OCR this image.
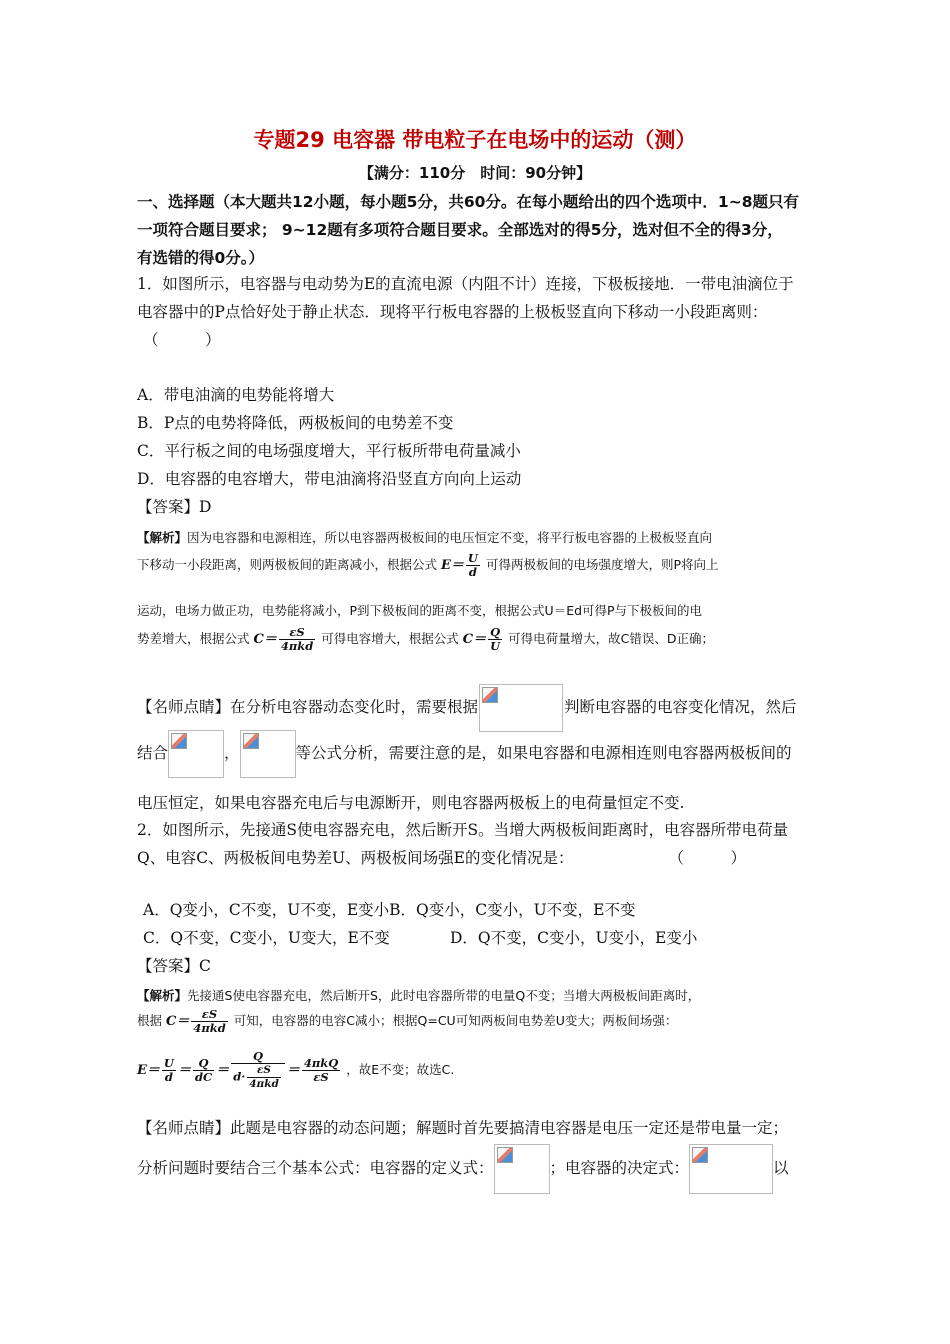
专题29 电容器 带电粒子在电场中的运动（测）
【满分：110分　时间：90分钟】
一、选择题（本大题共12小题，每小题5分，共60分。在每小题给出的四个选项中．1~8题只有
一项符合题目要求； 9~12题有多项符合题目要求。全部选对的得5分，选对但不全的得3分，
有选错的得0分。）
1．如图所示，电容器与电动势为E的直流电源（内阻不计）连接，下极板接地．一带电油滴位于
电容器中的P点恰好处于静止状态．现将平行板电容器的上极板竖直向下移动一小段距离则：
（　　　）
A．带电油滴的电势能将增大
B．P点的电势将降低，两极板间的电势差不变
C．平行板之间的电场强度增大，平行板所带电荷量减小
D．电容器的电容增大，带电油滴将沿竖直方向向上运动
【答案】D
【解析】因为电容器和电源相连，所以电容器两极板间的电压恒定不变，将平行板电容器的上极板竖直向
下移动一小段距离，则两极板间的距离减小，根据公式 $E= \frac{U}{d}$ 可得两极板间的电场强度增大，则P将向上
运动，电场力做正功，电势能将减小，P到下极板间的距离不变，根据公式U＝Ed可得P与下极板间的电
势差增大，根据公式 $C= \frac{\varepsilon S}{\text{4πkd}}$ 可得电容增大，根据公式 $C= \frac{Q}{U}$ 可得电荷量增大，故C错误、D正确；
【名师点睛】在分析电容器动态变化时，需要根据	判断电容器的电容变化情况，然后
结合	，	等公式分析，需要注意的是，如果电容器和电源相连则电容器两极板间的
电压恒定，如果电容器充电后与电源断开，则电容器两极板上的电荷量恒定不变.
2．如图所示，先接通S使电容器充电，然后断开S。当增大两极板间距离时，电容器所带电荷量
Q、电容C、两极板间电势差U、两极板间场强E的变化情况是：	（　　　）
A．Q变小，C不变，U不变，E变小B．Q变小，C变小，U不变，E不变
C．Q不变，C变小，U变大，E不变	D．Q不变，C变小，U变小，E变小
【答案】C
【解析】先接通S使电容器充电，然后断开S，此时电容器所带的电量Q不变；当增大两极板间距离时，
根据 $C= \frac{\varepsilon S}{\text{4πkd}}$ 可知，电容器的电容C减小；根据Q=CU可知两板间电势差U变大；两板间场强：
$E= \frac{U}{d} = \frac{Q}{dC} = \frac{Q}{d\cdot \frac{\varepsilon S}{\text{4πkd}}} = \frac{\text{4πkQ}}{\varepsilon S}$ ，故E不变；故选C.
【名师点睛】此题是电容器的动态问题；解题时首先要搞清电容器是电压一定还是带电量一定；
分析问题时要结合三个基本公式：电容器的定义式：	；电容器的决定式：	以
